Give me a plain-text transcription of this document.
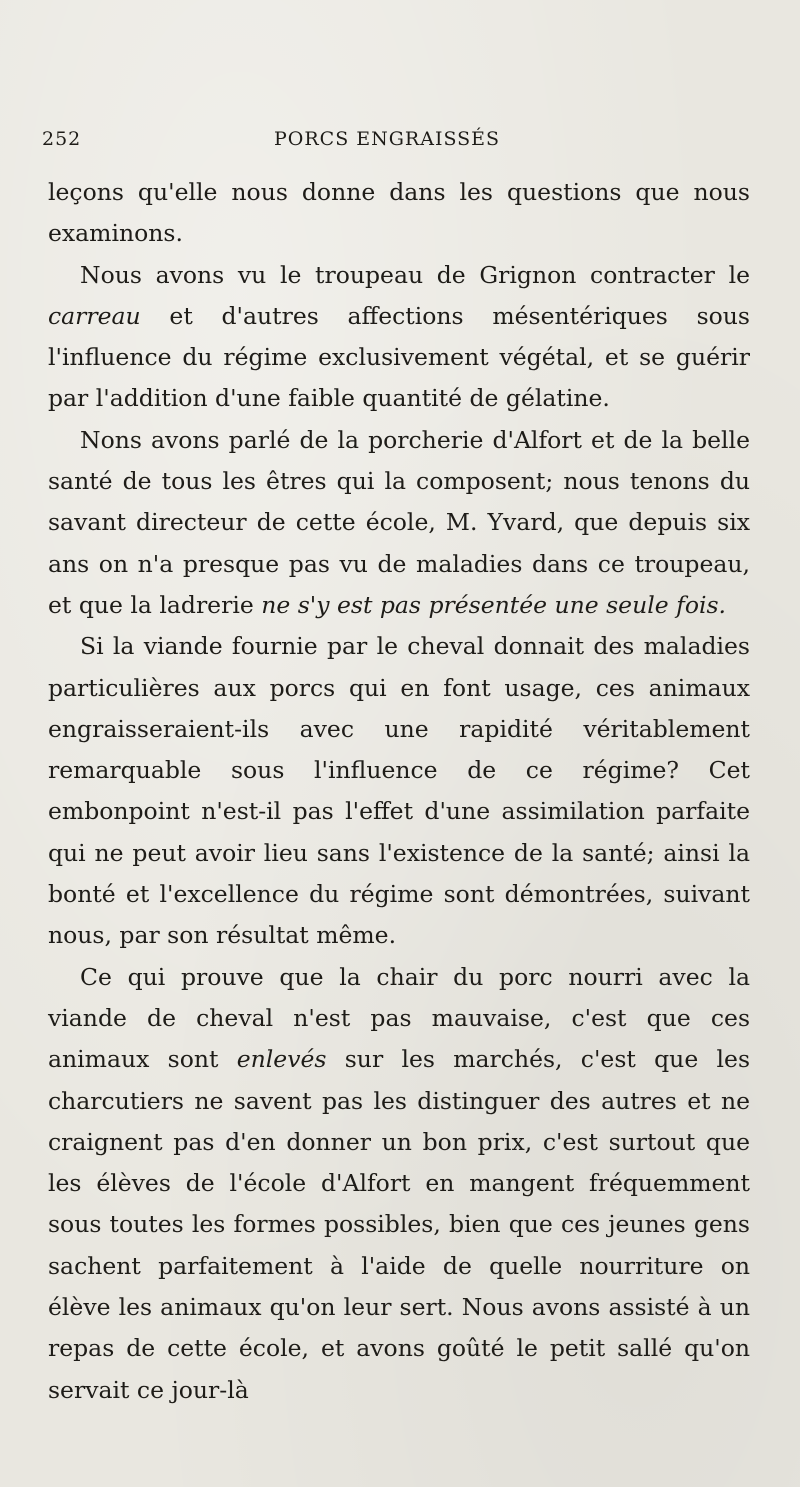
252	PORCS ENGRAISSÉS

leçons qu'elle nous donne dans les questions que nous examinons.

Nous avons vu le troupeau de Grignon contracter le carreau et d'autres affections mésentériques sous l'influence du régime exclusivement végétal, et se guérir par l'addition d'une faible quantité de gélatine.

Nons avons parlé de la porcherie d'Alfort et de la belle santé de tous les êtres qui la composent; nous tenons du savant directeur de cette école, M. Yvard, que depuis six ans on n'a presque pas vu de maladies dans ce troupeau, et que la ladrerie ne s'y est pas présentée une seule fois.

Si la viande fournie par le cheval donnait des maladies particulières aux porcs qui en font usage, ces animaux engraisseraient-ils avec une rapidité véritablement remarquable sous l'influence de ce régime? Cet embonpoint n'est-il pas l'effet d'une assimilation parfaite qui ne peut avoir lieu sans l'existence de la santé; ainsi la bonté et l'excellence du régime sont démontrées, suivant nous, par son résultat même.

Ce qui prouve que la chair du porc nourri avec la viande de cheval n'est pas mauvaise, c'est que ces animaux sont enlevés sur les marchés, c'est que les charcutiers ne savent pas les distinguer des autres et ne craignent pas d'en donner un bon prix, c'est surtout que les élèves de l'école d'Alfort en mangent fréquemment sous toutes les formes possibles, bien que ces jeunes gens sachent parfaitement à l'aide de quelle nourriture on élève les animaux qu'on leur sert. Nous avons assisté à un repas de cette école, et avons goûté le petit sallé qu'on servait ce jour-là
